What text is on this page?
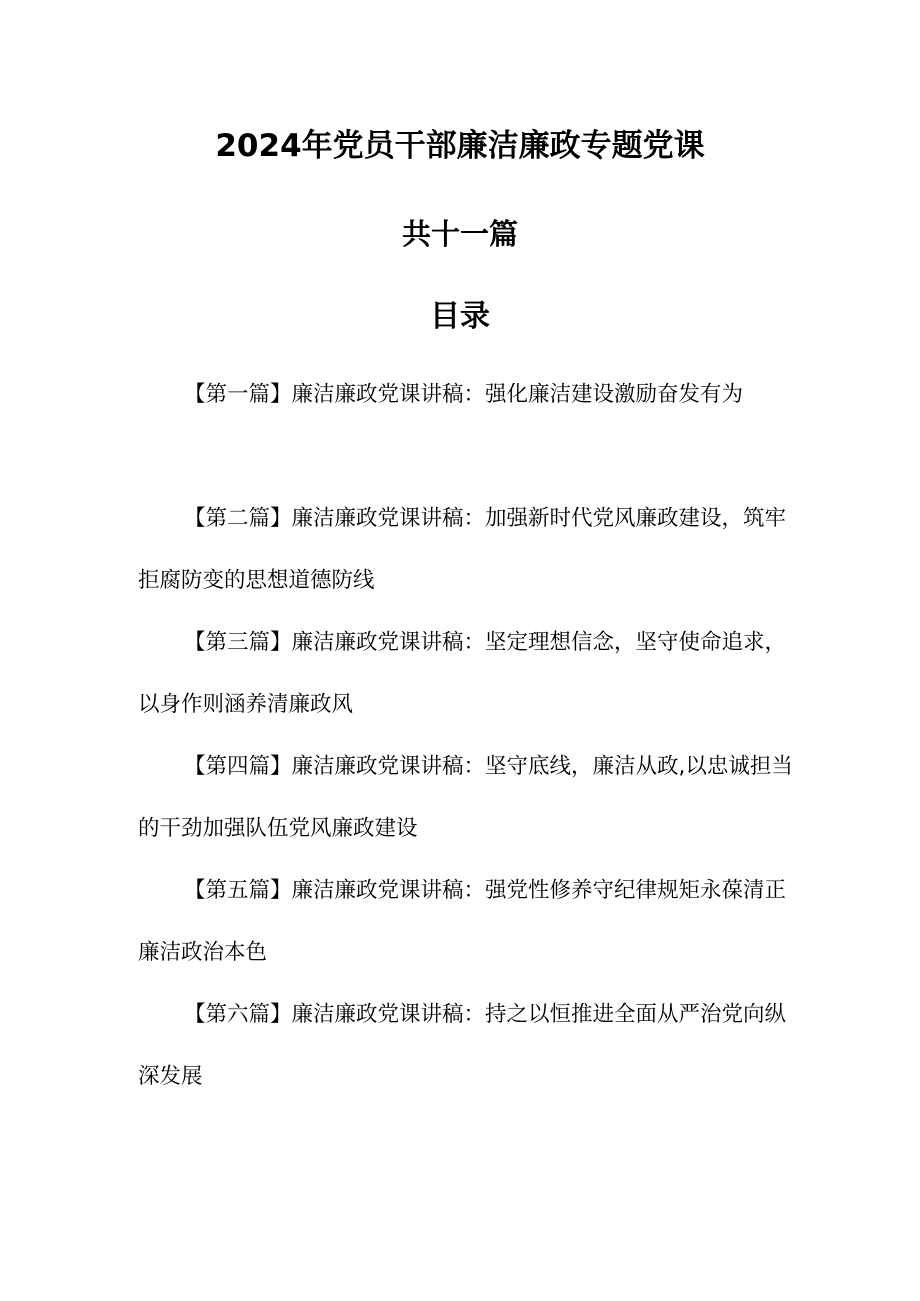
2024年党员干部廉洁廉政专题党课
共十一篇
目录
【第一篇】廉洁廉政党课讲稿：强化廉洁建设激励奋发有为
【第二篇】廉洁廉政党课讲稿：加强新时代党风廉政建设，筑牢拒腐防变的思想道德防线
【第三篇】廉洁廉政党课讲稿：坚定理想信念，坚守使命追求，以身作则涵养清廉政风
【第四篇】廉洁廉政党课讲稿：坚守底线，廉洁从政,以忠诚担当的干劲加强队伍党风廉政建设
【第五篇】廉洁廉政党课讲稿：强党性修养守纪律规矩永葆清正廉洁政治本色
【第六篇】廉洁廉政党课讲稿：持之以恒推进全面从严治党向纵深发展
